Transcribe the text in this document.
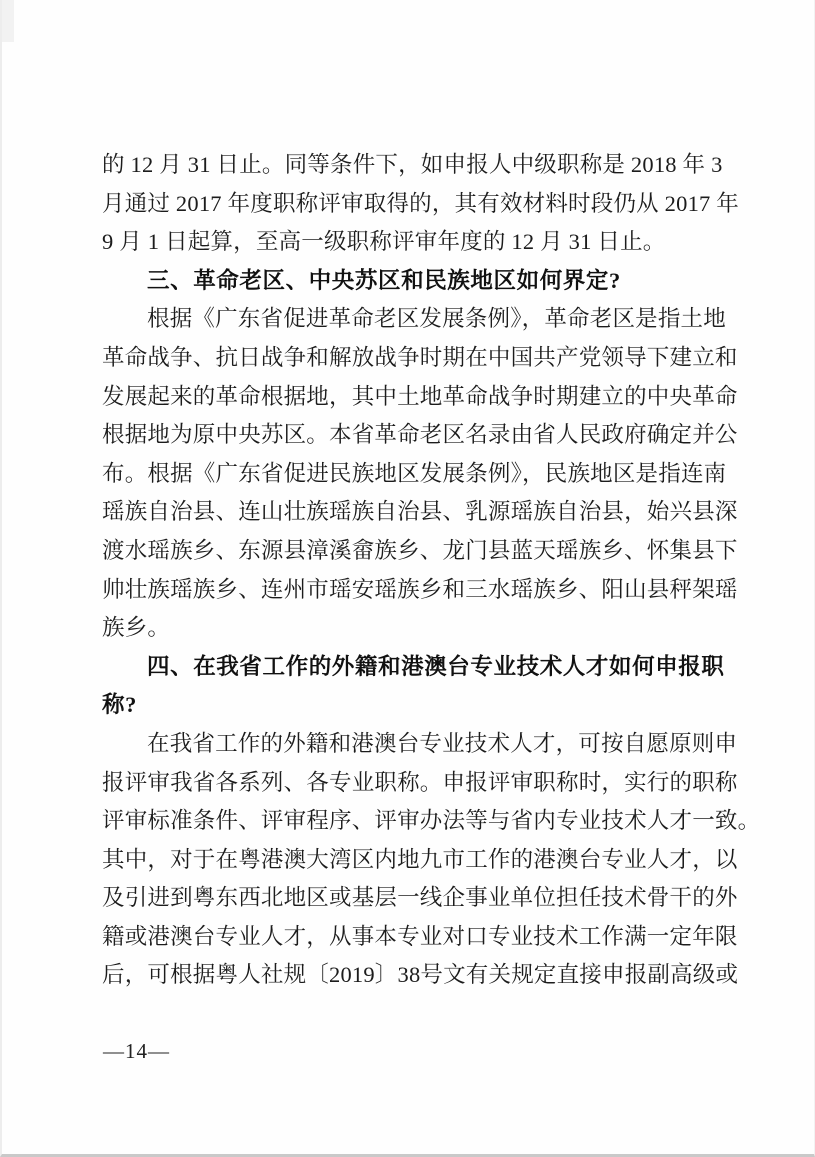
的 12 月 31 日止。同等条件下，如申报人中级职称是 2018 年 3
月通过 2017 年度职称评审取得的，其有效材料时段仍从 2017 年
9 月 1 日起算，至高一级职称评审年度的 12 月 31 日止。
三、革命老区、中央苏区和民族地区如何界定?
根据《广东省促进革命老区发展条例》，革命老区是指土地
革命战争、抗日战争和解放战争时期在中国共产党领导下建立和
发展起来的革命根据地，其中土地革命战争时期建立的中央革命
根据地为原中央苏区。本省革命老区名录由省人民政府确定并公
布。根据《广东省促进民族地区发展条例》，民族地区是指连南
瑶族自治县、连山壮族瑶族自治县、乳源瑶族自治县，始兴县深
渡水瑶族乡、东源县漳溪畲族乡、龙门县蓝天瑶族乡、怀集县下
帅壮族瑶族乡、连州市瑶安瑶族乡和三水瑶族乡、阳山县秤架瑶
族乡。
四、在我省工作的外籍和港澳台专业技术人才如何申报职
称?
在我省工作的外籍和港澳台专业技术人才，可按自愿原则申
报评审我省各系列、各专业职称。申报评审职称时，实行的职称
评审标准条件、评审程序、评审办法等与省内专业技术人才一致。
其中，对于在粤港澳大湾区内地九市工作的港澳台专业人才，以
及引进到粤东西北地区或基层一线企事业单位担任技术骨干的外
籍或港澳台专业人才，从事本专业对口专业技术工作满一定年限
后，可根据粤人社规〔2019〕38号文有关规定直接申报副高级或
—14—
